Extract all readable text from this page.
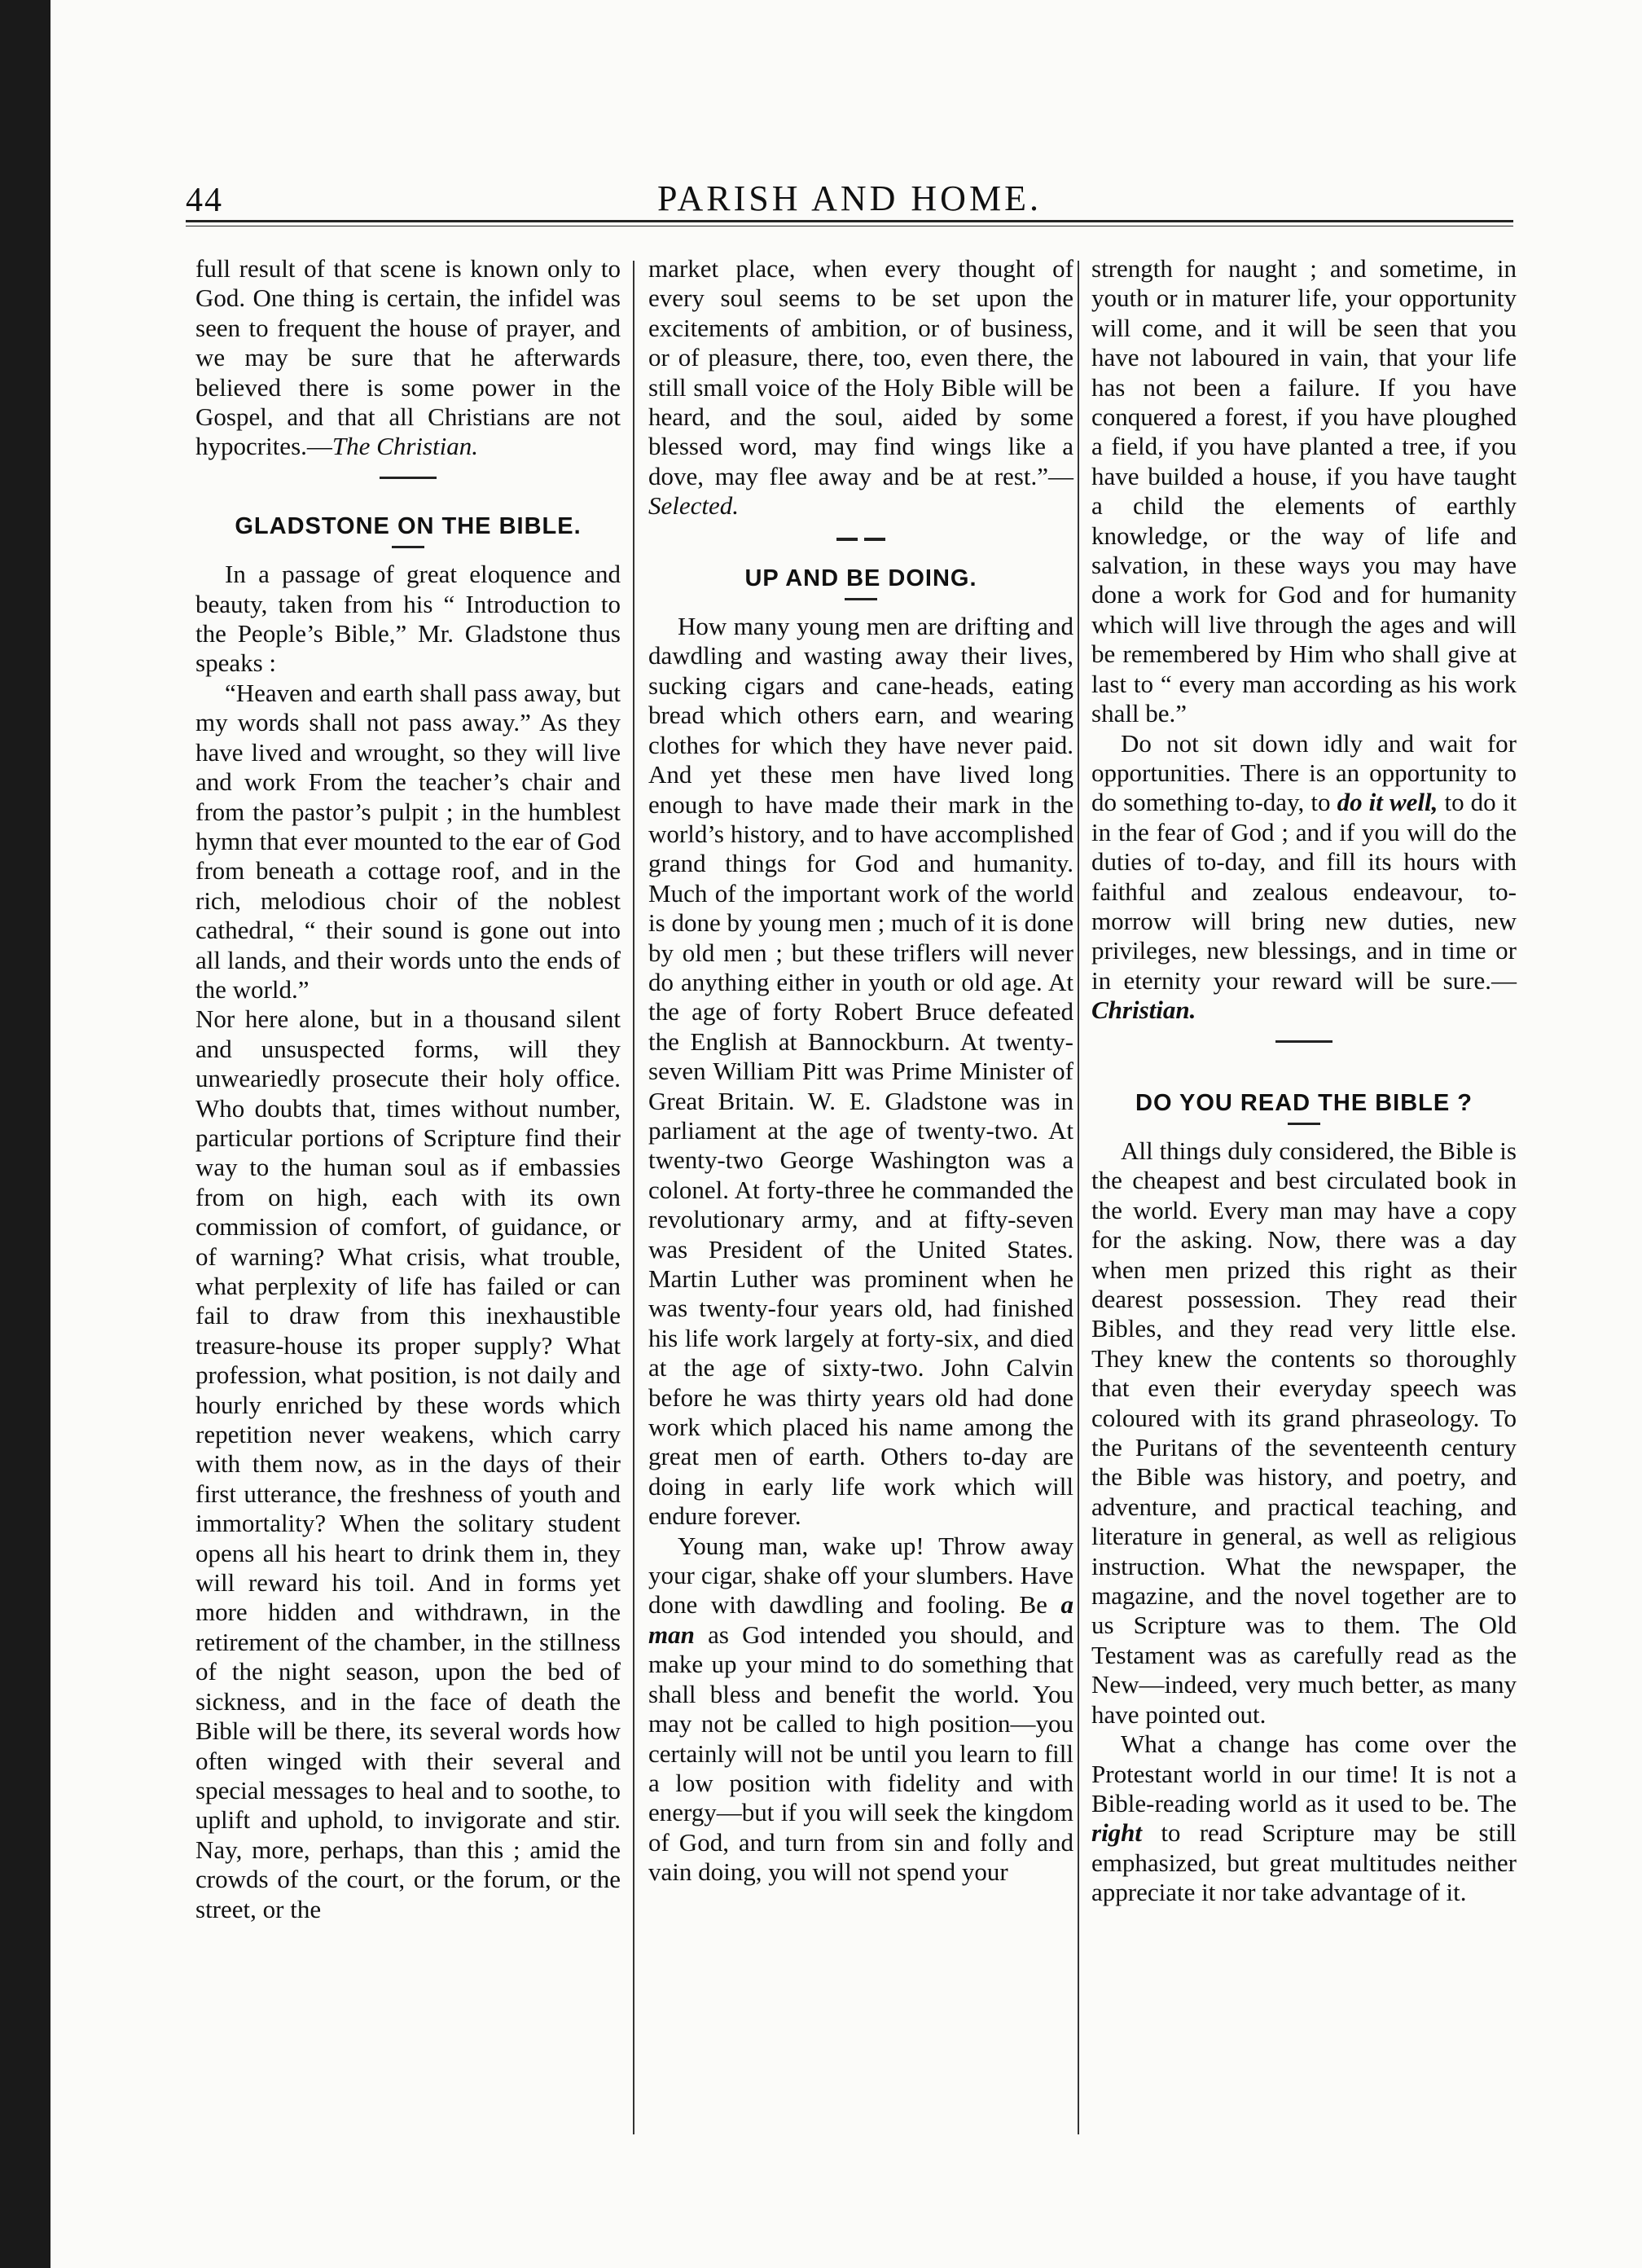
44	PARISH AND HOME.

full result of that scene is known only to God. One thing is certain, the infidel was seen to frequent the house of prayer, and we may be sure that he afterwards believed there is some power in the Gospel, and that all Christians are not hypocrites.—The Christian.

GLADSTONE ON THE BIBLE.

In a passage of great eloquence and beauty, taken from his “ Introduction to the People’s Bible,” Mr. Gladstone thus speaks :

“Heaven and earth shall pass away, but my words shall not pass away.” As they have lived and wrought, so they will live and work From the teacher’s chair and from the pastor’s pulpit ; in the humblest hymn that ever mounted to the ear of God from beneath a cottage roof, and in the rich, melodious choir of the noblest cathedral, “ their sound is gone out into all lands, and their words unto the ends of the world.”

Nor here alone, but in a thousand silent and unsuspected forms, will they unweariedly prosecute their holy office. Who doubts that, times without number, particular portions of Scripture find their way to the human soul as if embassies from on high, each with its own commission of comfort, of guidance, or of warning? What crisis, what trouble, what perplexity of life has failed or can fail to draw from this inexhaustible treasure-house its proper supply? What profession, what position, is not daily and hourly enriched by these words which repetition never weakens, which carry with them now, as in the days of their first utterance, the freshness of youth and immortality? When the solitary student opens all his heart to drink them in, they will reward his toil. And in forms yet more hidden and withdrawn, in the retirement of the chamber, in the stillness of the night season, upon the bed of sickness, and in the face of death the Bible will be there, its several words how often winged with their several and special messages to heal and to soothe, to uplift and uphold, to invigorate and stir. Nay, more, perhaps, than this ; amid the crowds of the court, or the forum, or the street, or the

market place, when every thought of every soul seems to be set upon the excitements of ambition, or of business, or of pleasure, there, too, even there, the still small voice of the Holy Bible will be heard, and the soul, aided by some blessed word, may find wings like a dove, may flee away and be at rest.”—Selected.

UP AND BE DOING.

How many young men are drifting and dawdling and wasting away their lives, sucking cigars and cane-heads, eating bread which others earn, and wearing clothes for which they have never paid. And yet these men have lived long enough to have made their mark in the world’s history, and to have accomplished grand things for God and humanity. Much of the important work of the world is done by young men ; much of it is done by old men ; but these triflers will never do anything either in youth or old age. At the age of forty Robert Bruce defeated the English at Bannockburn. At twenty-seven William Pitt was Prime Minister of Great Britain. W. E. Gladstone was in parliament at the age of twenty-two. At twenty-two George Washington was a colonel. At forty-three he commanded the revolutionary army, and at fifty-seven was President of the United States. Martin Luther was prominent when he was twenty-four years old, had finished his life work largely at forty-six, and died at the age of sixty-two. John Calvin before he was thirty years old had done work which placed his name among the great men of earth. Others to-day are doing in early life work which will endure forever.

Young man, wake up! Throw away your cigar, shake off your slumbers. Have done with dawdling and fooling. Be a man as God intended you should, and make up your mind to do something that shall bless and benefit the world. You may not be called to high position—you certainly will not be until you learn to fill a low position with fidelity and with energy—but if you will seek the kingdom of God, and turn from sin and folly and vain doing, you will not spend your

strength for naught ; and sometime, in youth or in maturer life, your opportunity will come, and it will be seen that you have not laboured in vain, that your life has not been a failure. If you have conquered a forest, if you have ploughed a field, if you have planted a tree, if you have builded a house, if you have taught a child the elements of earthly knowledge, or the way of life and salvation, in these ways you may have done a work for God and for humanity which will live through the ages and will be remembered by Him who shall give at last to “ every man according as his work shall be.”

Do not sit down idly and wait for opportunities. There is an opportunity to do something to-day, to do it well, to do it in the fear of God ; and if you will do the duties of to-day, and fill its hours with faithful and zealous endeavour, to-morrow will bring new duties, new privileges, new blessings, and in time or in eternity your reward will be sure.—Christian.

DO YOU READ THE BIBLE ?

All things duly considered, the Bible is the cheapest and best circulated book in the world. Every man may have a copy for the asking. Now, there was a day when men prized this right as their dearest possession. They read their Bibles, and they read very little else. They knew the contents so thoroughly that even their everyday speech was coloured with its grand phraseology. To the Puritans of the seventeenth century the Bible was history, and poetry, and adventure, and practical teaching, and literature in general, as well as religious instruction. What the newspaper, the magazine, and the novel together are to us Scripture was to them. The Old Testament was as carefully read as the New—indeed, very much better, as many have pointed out.

What a change has come over the Protestant world in our time! It is not a Bible-reading world as it used to be. The right to read Scripture may be still emphasized, but great multitudes neither appreciate it nor take advantage of it.
